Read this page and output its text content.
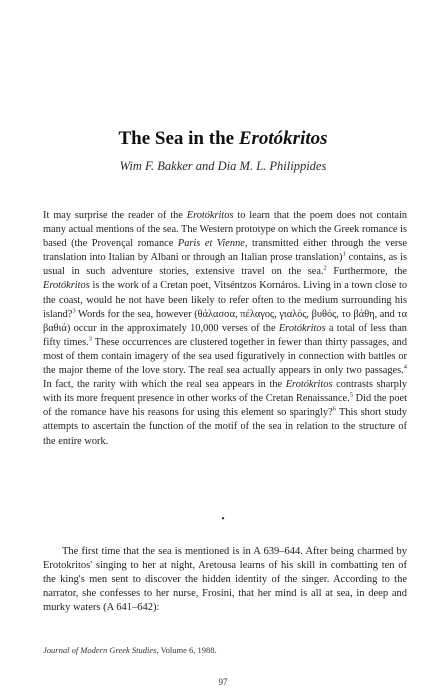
The Sea in the Erotókritos
Wim F. Bakker and Dia M. L. Philippides

It may surprise the reader of the Erotókritos to learn that the poem does not contain many actual mentions of the sea. The Western prototype on which the Greek romance is based (the Provençal romance Paris et Vienne, transmitted either through the verse translation into Italian by Albani or through an Italian prose translation)$^1$ contains, as is usual in such adventure stories, extensive travel on the sea.$^2$ Furthermore, the Erotókritos is the work of a Cretan poet, Vitséntzos Kornáros. Living in a town close to the coast, would he not have been likely to refer often to the medium surrounding his island?$^3$ Words for the sea, however (θάλασσα, πέλαγος, γιαλός, βυθός, τo βάθη, and τα βαθιά) occur in the approximately 10,000 verses of the Erotókritos a total of less than fifty times.$^3$ These occurrences are clustered together in fewer than thirty passages, and most of them contain imagery of the sea used figuratively in connection with battles or the major theme of the love story. The real sea actually appears in only two passages.$^4$ In fact, the rarity with which the real sea appears in the Erotókritos contrasts sharply with its more frequent presence in other works of the Cretan Renaissance.$^5$ Did the poet of the romance have his reasons for using this element so sparingly?$^6$ This short study attempts to ascertain the function of the motif of the sea in relation to the structure of the entire work.

•

The first time that the sea is mentioned is in A 639–644. After being charmed by Erotokritos' singing to her at night, Aretousa learns of his skill in combatting ten of the king's men sent to discover the hidden identity of the singer. According to the narrator, she confesses to her nurse, Frosini, that her mind is all at sea, in deep and murky waters (A 641–642):

Journal of Modern Greek Studies, Volume 6, 1988.
97
